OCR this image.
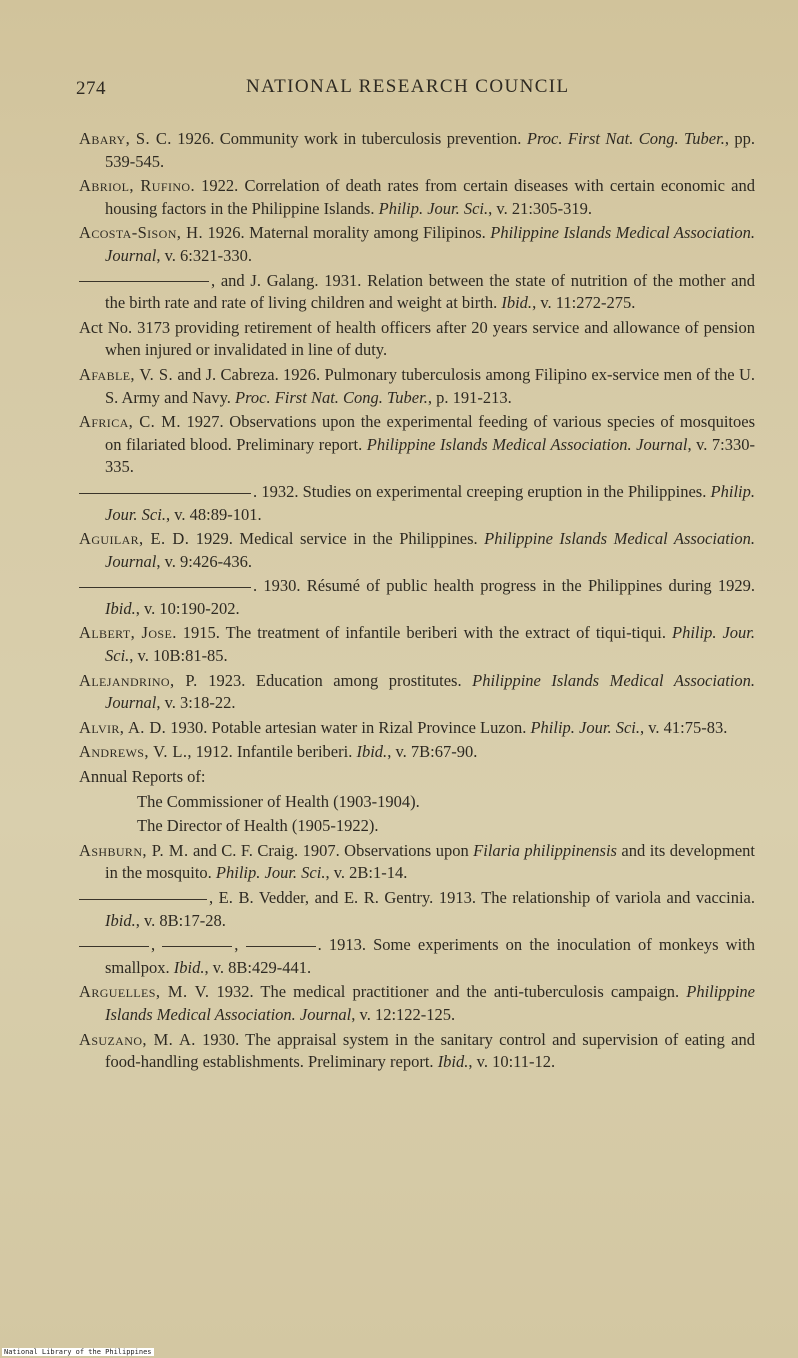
274	NATIONAL RESEARCH COUNCIL

Abary, S. C. 1926. Community work in tuberculosis prevention. Proc. First Nat. Cong. Tuber., pp. 539-545.

Abriol, Rufino. 1922. Correlation of death rates from certain diseases with certain economic and housing factors in the Philippine Islands. Philip. Jour. Sci., v. 21:305-319.

Acosta-Sison, H. 1926. Maternal morality among Filipinos. Philippine Islands Medical Association. Journal, v. 6:321-330.

, and J. Galang. 1931. Relation between the state of nutrition of the mother and the birth rate and rate of living children and weight at birth. Ibid., v. 11:272-275.

Act No. 3173 providing retirement of health officers after 20 years service and allowance of pension when injured or invalidated in line of duty.

Afable, V. S. and J. Cabreza. 1926. Pulmonary tuberculosis among Filipino ex-service men of the U. S. Army and Navy. Proc. First Nat. Cong. Tuber., p. 191-213.

Africa, C. M. 1927. Observations upon the experimental feeding of various species of mosquitoes on filariated blood. Preliminary report. Philippine Islands Medical Association. Journal, v. 7:330-335.

. 1932. Studies on experimental creeping eruption in the Philippines. Philip. Jour. Sci., v. 48:89-101.

Aguilar, E. D. 1929. Medical service in the Philippines. Philippine Islands Medical Association. Journal, v. 9:426-436.

. 1930. Résumé of public health progress in the Philippines during 1929. Ibid., v. 10:190-202.

Albert, Jose. 1915. The treatment of infantile beriberi with the extract of tiqui-tiqui. Philip. Jour. Sci., v. 10B:81-85.

Alejandrino, P. 1923. Education among prostitutes. Philippine Islands Medical Association. Journal, v. 3:18-22.

Alvir, A. D. 1930. Potable artesian water in Rizal Province Luzon. Philip. Jour. Sci., v. 41:75-83.

Andrews, V. L., 1912. Infantile beriberi. Ibid., v. 7B:67-90.

Annual Reports of:

The Commissioner of Health (1903-1904).

The Director of Health (1905-1922).

Ashburn, P. M. and C. F. Craig. 1907. Observations upon Filaria philippinensis and its development in the mosquito. Philip. Jour. Sci., v. 2B:1-14.

, E. B. Vedder, and E. R. Gentry. 1913. The relationship of variola and vaccinia. Ibid., v. 8B:17-28.

,	,	. 1913. Some experiments on the inoculation of monkeys with smallpox. Ibid., v. 8B:429-441.

Arguelles, M. V. 1932. The medical practitioner and the anti-tuberculosis campaign. Philippine Islands Medical Association. Journal, v. 12:122-125.

Asuzano, M. A. 1930. The appraisal system in the sanitary control and supervision of eating and food-handling establishments. Preliminary report. Ibid., v. 10:11-12.

National Library of the Philippines
